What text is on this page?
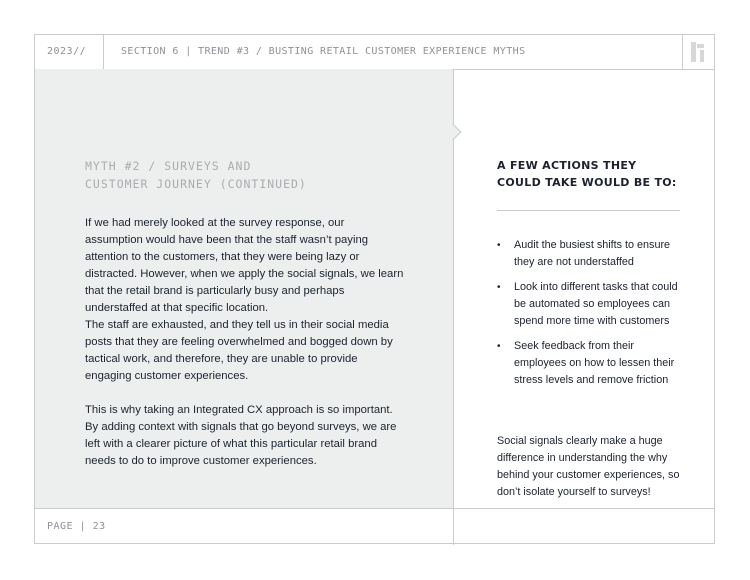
2023//	SECTION 6 | TREND #3 / BUSTING RETAIL CUSTOMER EXPERIENCE MYTHS
MYTH #2 / SURVEYS AND
CUSTOMER JOURNEY (CONTINUED)
If we had merely looked at the survey response, our assumption would have been that the staff wasn’t paying attention to the customers, that they were being lazy or distracted. However, when we apply the social signals, we learn that the retail brand is particularly busy and perhaps understaffed at that specific location.
The staff are exhausted, and they tell us in their social media posts that they are feeling overwhelmed and bogged down by tactical work, and therefore, they are unable to provide engaging customer experiences.
This is why taking an Integrated CX approach is so important. By adding context with signals that go beyond surveys, we are left with a clearer picture of what this particular retail brand needs to do to improve customer experiences.
A FEW ACTIONS THEY COULD TAKE WOULD BE TO:
• Audit the busiest shifts to ensure they are not understaffed
• Look into different tasks that could be automated so employees can spend more time with customers
• Seek feedback from their employees on how to lessen their stress levels and remove friction
Social signals clearly make a huge difference in understanding the why behind your customer experiences, so don’t isolate yourself to surveys!
PAGE | 23
